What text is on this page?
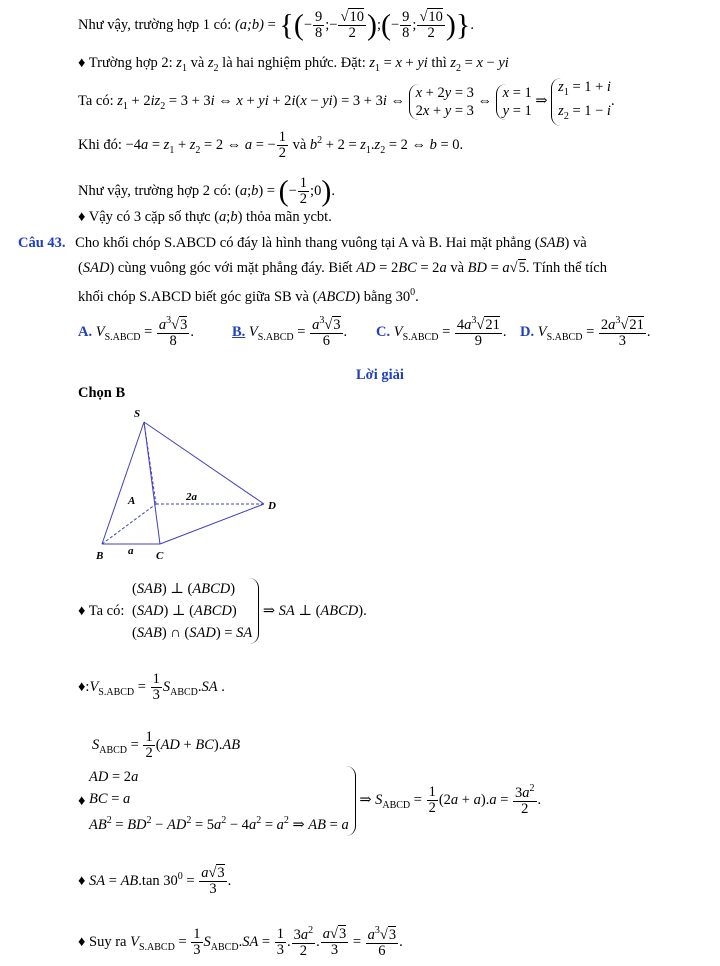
Như vậy, trường hợp 1 có: (a;b) = {(− $\frac{9}{8}$ ;− $\frac{√10}{2}$ );(− $\frac{9}{8}$ ; $\frac{√10}{2}$ )}.
♦ Trường hợp 2: $z_1$ và $z_2$ là hai nghiệm phức. Đặt: $z_1 = x$ + yi thì $z_2 = x$ − yi
Ta có: $z_1 + 2iz_2 = 3 + 3i$ ⇔ x + yi + 2i(x − yi) = 3 + 3i ⇔
x + 2y = 3
2x + y = 3
⇔
x = 1
y = 1
⇒
$z_1 = 1 + i$
$z_2 = 1 - i$
.
Khi đó: $-4a = z_1 + z_2 = 2$ ⇔ a = − $\frac{1}{2}$ và $b^2 + 2 = z_1.z_2 = 2$ ⇔ b = 0.
Như vậy, trường hợp 2 có: (a;b) = (− $\frac{1}{2}$ ;0).
♦ Vậy có 3 cặp số thực (a;b) thỏa mãn ycbt.
Câu 43. Cho khối chóp S.ABCD có đáy là hình thang vuông tại A và B. Hai mặt phẳng (SAB) và
(SAD) cùng vuông góc với mặt phẳng đáy. Biết AD = 2BC = 2a và BD = a√5. Tính thể tích
khối chóp S.ABCD biết góc giữa SB và (ABCD) bằng $30^0$.
A. $V_{S.ABCD} = \frac{a^3√3}{8}$ .	B. $V_{S.ABCD} = \frac{a^3√3}{6}$ . C. $V_{S.ABCD} = \frac{4a^3√21}{9}$ . D. $V_{S.ABCD} = \frac{2a^3√21}{3}$ .
Lời giải
Chọn B
S
A
B	C
D
a
2a
♦ Ta có:
(SAB) ⊥ (ABCD)
(SAD) ⊥ (ABCD)
(SAB) ∩ (SAD) = SA
⇒ SA ⊥ (ABCD).
$♦:V_{S.ABCD} = \frac{1}{3} S_{ABCD}.SA$ .
$S_{ABCD} = \frac{1}{2} (AD + BC).AB$
♦
AD = 2a
BC = a
$AB^2 = BD^2 - AD^2 = 5a^2 - 4a^2 = a^2$ ⇒ AB = a
⇒ $S_{ABCD} = \frac{1}{2} (2a + a).a = \frac{3a^2}{2}$ .
♦ SA = AB.tan $30^0 = \frac{a√3}{3}$ .
♦ Suy ra $V_{S.ABCD} = \frac{1}{3} S_{ABCD}.SA = \frac{1}{3}$ . $\frac{3a^2}{2}$ . $\frac{a√3}{3} = \frac{a^3√3}{6}$ .
